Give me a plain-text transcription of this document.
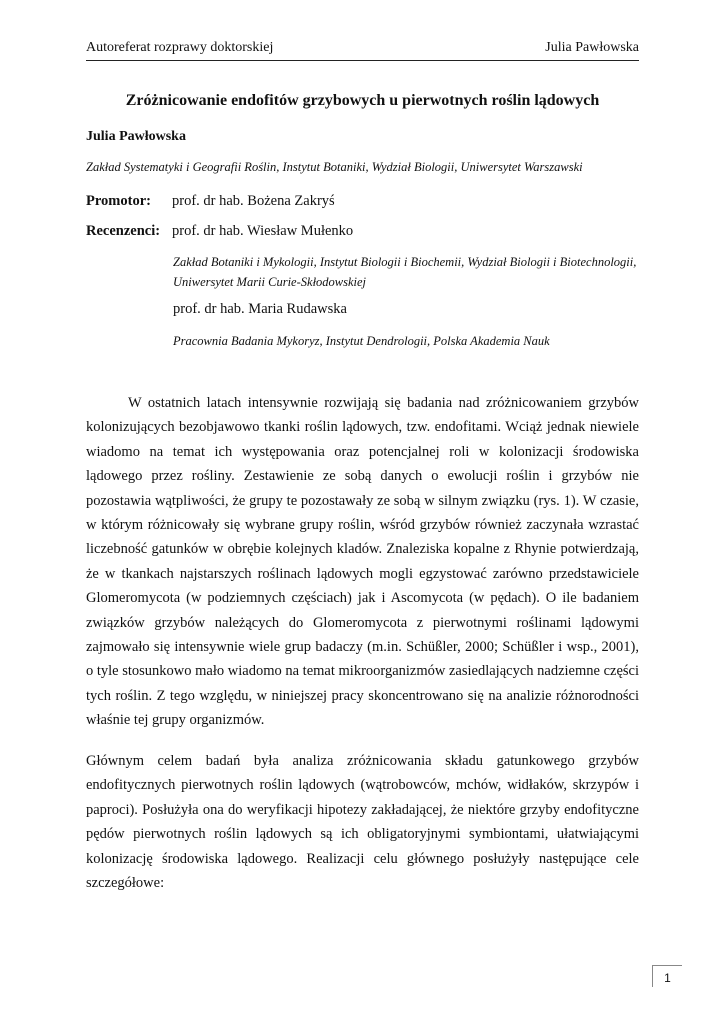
Autoreferat rozprawy doktorskiej	Julia Pawłowska
Zróżnicowanie endofitów grzybowych u pierwotnych roślin lądowych
Julia Pawłowska
Zakład Systematyki i Geografii Roślin, Instytut Botaniki, Wydział Biologii, Uniwersytet Warszawski
Promotor: prof. dr hab. Bożena Zakryś
Recenzenci: prof. dr hab. Wiesław Mułenko
Zakład Botaniki i Mykologii, Instytut Biologii i Biochemii, Wydział Biologii i Biotechnologii, Uniwersytet Marii Curie-Skłodowskiej
prof. dr hab. Maria Rudawska
Pracownia Badania Mykoryz, Instytut Dendrologii, Polska Akademia Nauk

W ostatnich latach intensywnie rozwijają się badania nad zróżnicowaniem grzybów kolonizujących bezobjawowo tkanki roślin lądowych, tzw. endofitami. Wciąż jednak niewiele wiadomo na temat ich występowania oraz potencjalnej roli w kolonizacji środowiska lądowego przez rośliny. Zestawienie ze sobą danych o ewolucji roślin i grzybów nie pozostawia wątpliwości, że grupy te pozostawały ze sobą w silnym związku (rys. 1). W czasie, w którym różnicowały się wybrane grupy roślin, wśród grzybów również zaczynała wzrastać liczebność gatunków w obrębie kolejnych kladów. Znaleziska kopalne z Rhynie potwierdzają, że w tkankach najstarszych roślinach lądowych mogli egzystować zarówno przedstawiciele Glomeromycota (w podziemnych częściach) jak i Ascomycota (w pędach). O ile badaniem związków grzybów należących do Glomeromycota z pierwotnymi roślinami lądowymi zajmowało się intensywnie wiele grup badaczy (m.in. Schüßler, 2000; Schüßler i wsp., 2001), o tyle stosunkowo mało wiadomo na temat mikroorganizmów zasiedlających nadziemne części tych roślin. Z tego względu, w niniejszej pracy skoncentrowano się na analizie różnorodności właśnie tej grupy organizmów.

Głównym celem badań była analiza zróżnicowania składu gatunkowego grzybów endofitycznych pierwotnych roślin lądowych (wątrobowców, mchów, widłaków, skrzypów i paproci). Posłużyła ona do weryfikacji hipotezy zakładającej, że niektóre grzyby endofityczne pędów pierwotnych roślin lądowych są ich obligatoryjnymi symbiontami, ułatwiającymi kolonizację środowiska lądowego. Realizacji celu głównego posłużyły następujące cele szczegółowe:

1
